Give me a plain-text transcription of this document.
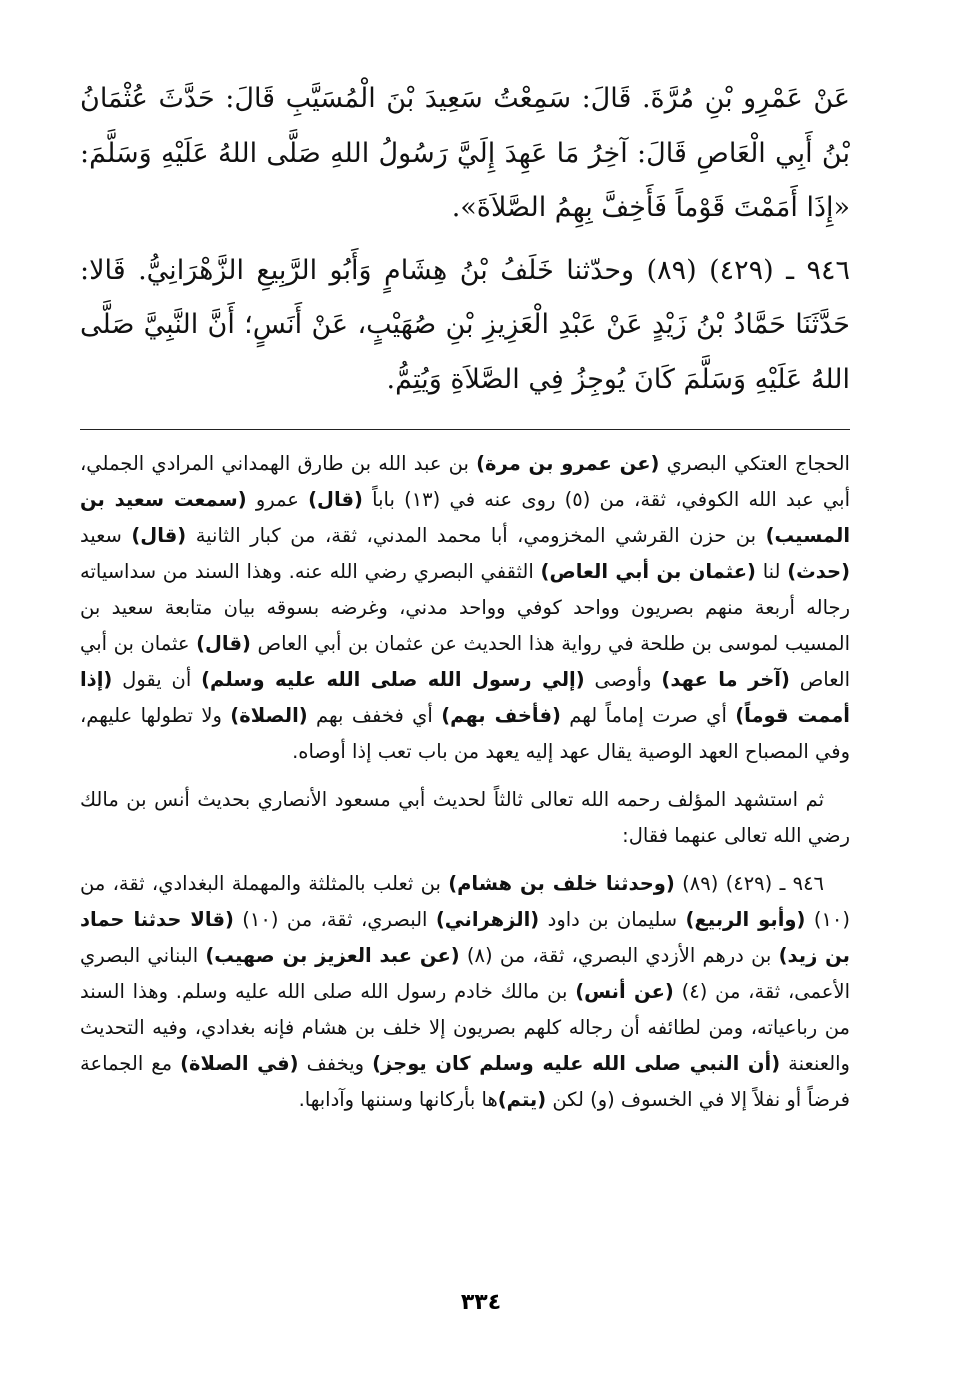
عَنْ عَمْرِو بْنِ مُرَّةَ. قَالَ: سَمِعْتُ سَعِيدَ بْنَ الْمُسَيَّبِ قَالَ: حَدَّثَ عُثْمَانُ بْنُ أَبِي الْعَاصِ قَالَ: آخِرُ مَا عَهِدَ إِلَيَّ رَسُولُ اللهِ صَلَّى اللهُ عَلَيْهِ وَسَلَّمَ: «إِذَا أَمَمْتَ قَوْماً فَأَخِفَّ بِهِمُ الصَّلاَةَ».

٩٤٦ ـ (٤٢٩) (٨٩) وحدّثنا خَلَفُ بْنُ هِشَامٍ وَأَبُو الرَّبِيعِ الزَّهْرَانِيُّ. قَالا: حَدَّثَنَا حَمَّادُ بْنُ زَيْدٍ عَنْ عَبْدِ الْعَزِيزِ بْنِ صُهَيْبٍ، عَنْ أَنَسٍ؛ أَنَّ النَّبِيَّ صَلَّى اللهُ عَلَيْهِ وَسَلَّمَ كَانَ يُوجِزُ فِي الصَّلاَةِ وَيُتِمُّ.

الحجاج العتكي البصري (عن عمرو بن مرة) بن عبد الله بن طارق الهمداني المرادي الجملي، أبي عبد الله الكوفي، ثقة، من (٥) روى عنه في (١٣) باباً (قال) عمرو (سمعت سعيد بن المسيب) بن حزن القرشي المخزومي، أبا محمد المدني، ثقة، من كبار الثانية (قال) سعيد (حدث) لنا (عثمان بن أبي العاص) الثقفي البصري رضي الله عنه. وهذا السند من سداسياته رجاله أربعة منهم بصريون وواحد كوفي وواحد مدني، وغرضه بسوقه بيان متابعة سعيد بن المسيب لموسى بن طلحة في رواية هذا الحديث عن عثمان بن أبي العاص (قال) عثمان بن أبي العاص (آخر ما عهد) وأوصى (إلي رسول الله صلى الله عليه وسلم) أن يقول (إذا أممت قوماً) أي صرت إماماً لهم (فأخف بهم) أي فخفف بهم (الصلاة) ولا تطولها عليهم، وفي المصباح العهد الوصية يقال عهد إليه يعهد من باب تعب إذا أوصاه.

ثم استشهد المؤلف رحمه الله تعالى ثالثاً لحديث أبي مسعود الأنصاري بحديث أنس بن مالك رضي الله تعالى عنهما فقال:

٩٤٦ ـ (٤٢٩) (٨٩) (وحدثنا خلف بن هشام) بن ثعلب بالمثلثة والمهملة البغدادي، ثقة، من (١٠) (وأبو الربيع) سليمان بن داود (الزهراني) البصري، ثقة، من (١٠) (قالا حدثنا حماد بن زيد) بن درهم الأزدي البصري، ثقة، من (٨) (عن عبد العزيز بن صهيب) البناني البصري الأعمى، ثقة، من (٤) (عن أنس) بن مالك خادم رسول الله صلى الله عليه وسلم. وهذا السند من رباعياته، ومن لطائفه أن رجاله كلهم بصريون إلا خلف بن هشام فإنه بغدادي، وفيه التحديث والعنعنة (أن النبي صلى الله عليه وسلم كان يوجز) ويخفف (في الصلاة) مع الجماعة فرضاً أو نفلاً إلا في الخسوف (و) لكن (يتم)ها بأركانها وسننها وآدابها.

٣٣٤
